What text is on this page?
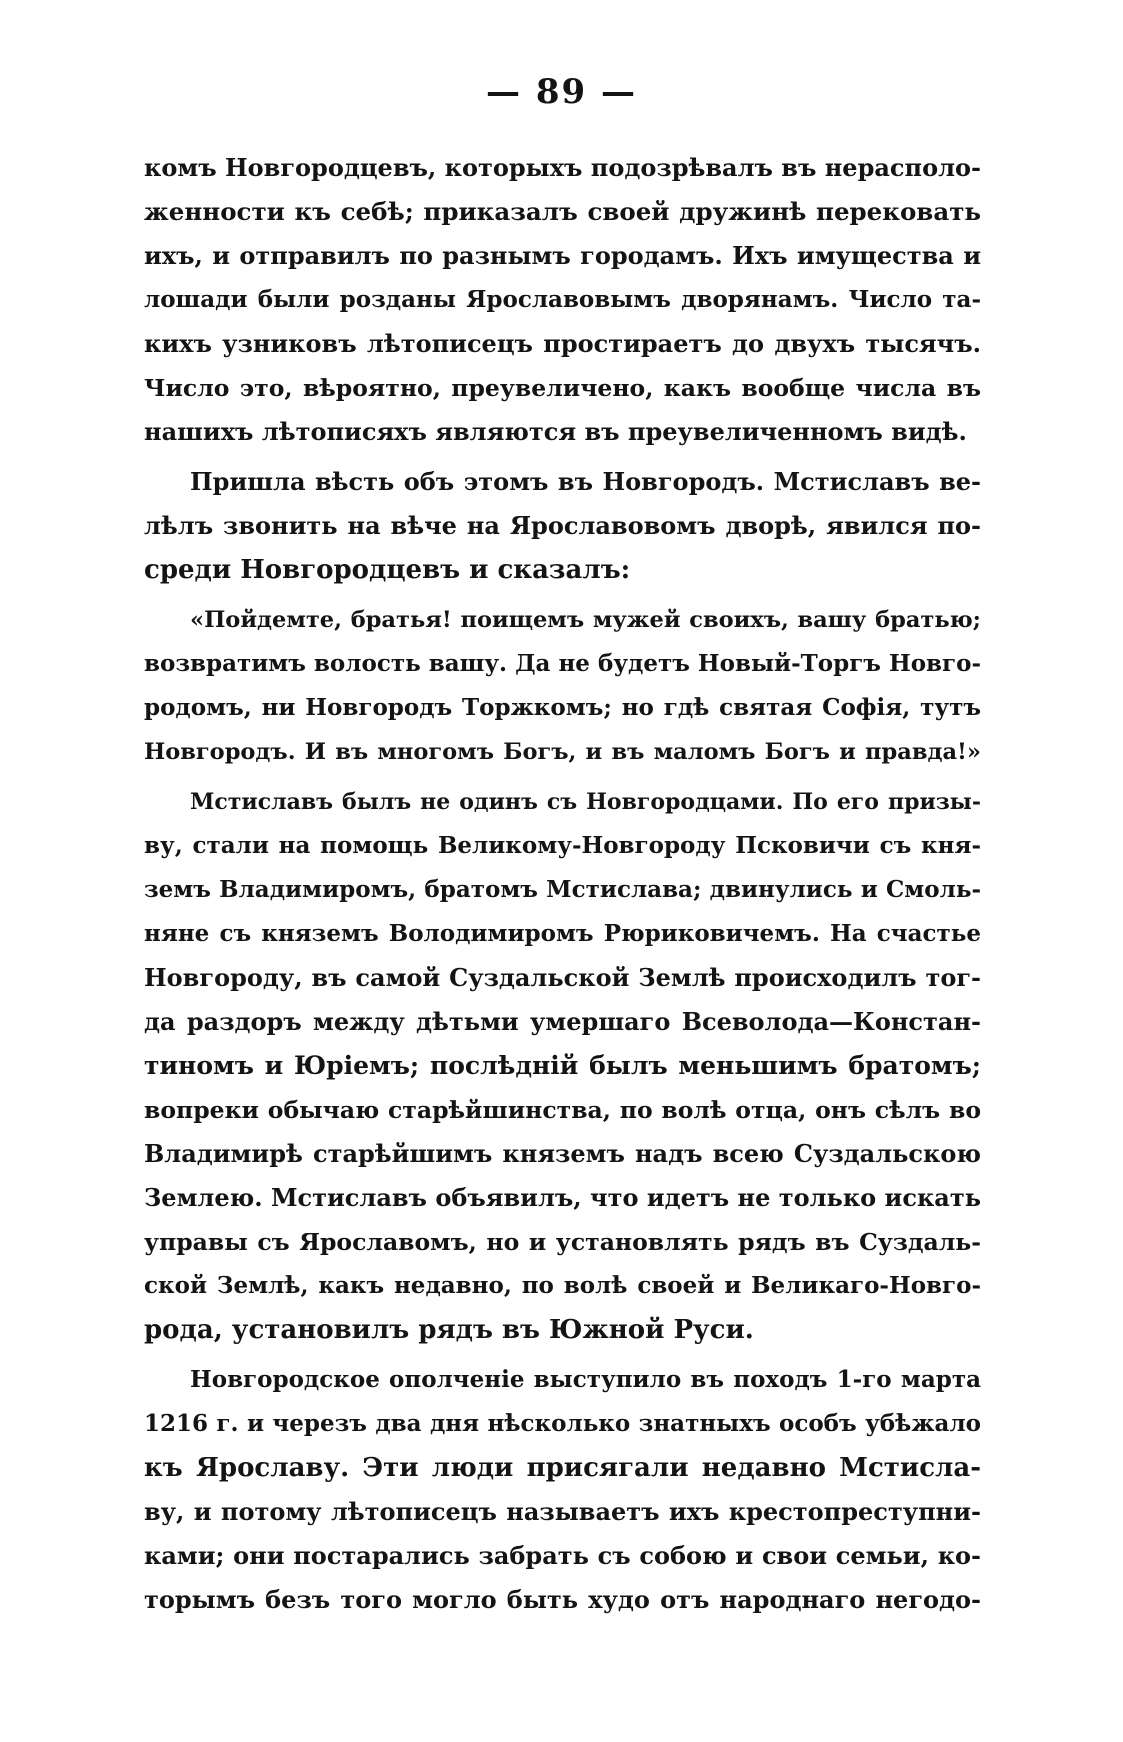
— 89 —
комъ Новгородцевъ, которыхъ подозрѣвалъ въ нерасполо-
женности къ себѣ; приказалъ своей дружинѣ перековать
ихъ, и отправилъ по разнымъ городамъ. Ихъ имущества и
лошади были розданы Ярославовымъ дворянамъ. Число та-
кихъ узниковъ лѣтописецъ простираетъ до двухъ тысячъ.
Число это, вѣроятно, преувеличено, какъ вообще числа въ
нашихъ лѣтописяхъ являются въ преувеличенномъ видѣ.
Пришла вѣсть объ этомъ въ Новгородъ. Мстиславъ ве-
лѣлъ звонить на вѣче на Ярославовомъ дворѣ, явился по-
среди Новгородцевъ и сказалъ:
«Пойдемте, братья! поищемъ мужей своихъ, вашу братью;
возвратимъ волость вашу. Да не будетъ Новый-Торгъ Новго-
родомъ, ни Новгородъ Торжкомъ; но гдѣ святая Софія, тутъ
Новгородъ. И въ многомъ Богъ, и въ маломъ Богъ и правда!»
Мстиславъ былъ не одинъ съ Новгородцами. По его призы-
ву, стали на помощь Великому-Новгороду Псковичи съ кня-
земъ Владимиромъ, братомъ Мстислава; двинулись и Смоль-
няне съ княземъ Володимиромъ Рюриковичемъ. На счастье
Новгороду, въ самой Суздальской Землѣ происходилъ тог-
да раздоръ между дѣтьми умершаго Всеволода—Констан-
тиномъ и Юріемъ; послѣдній былъ меньшимъ братомъ;
вопреки обычаю старѣйшинства, по волѣ отца, онъ сѣлъ во
Владимирѣ старѣйшимъ княземъ надъ всею Суздальскою
Землею. Мстиславъ объявилъ, что идетъ не только искать
управы съ Ярославомъ, но и установлять рядъ въ Суздаль-
ской Землѣ, какъ недавно, по волѣ своей и Великаго-Новго-
рода, установилъ рядъ въ Южной Руси.
Новгородское ополченіе выступило въ походъ 1-го марта
1216 г. и черезъ два дня нѣсколько знатныхъ особъ убѣжало
къ Ярославу. Эти люди присягали недавно Мстисла-
ву, и потому лѣтописецъ называетъ ихъ крестопреступни-
ками; они постарались забрать съ собою и свои семьи, ко-
торымъ безъ того могло быть худо отъ народнаго негодо-
